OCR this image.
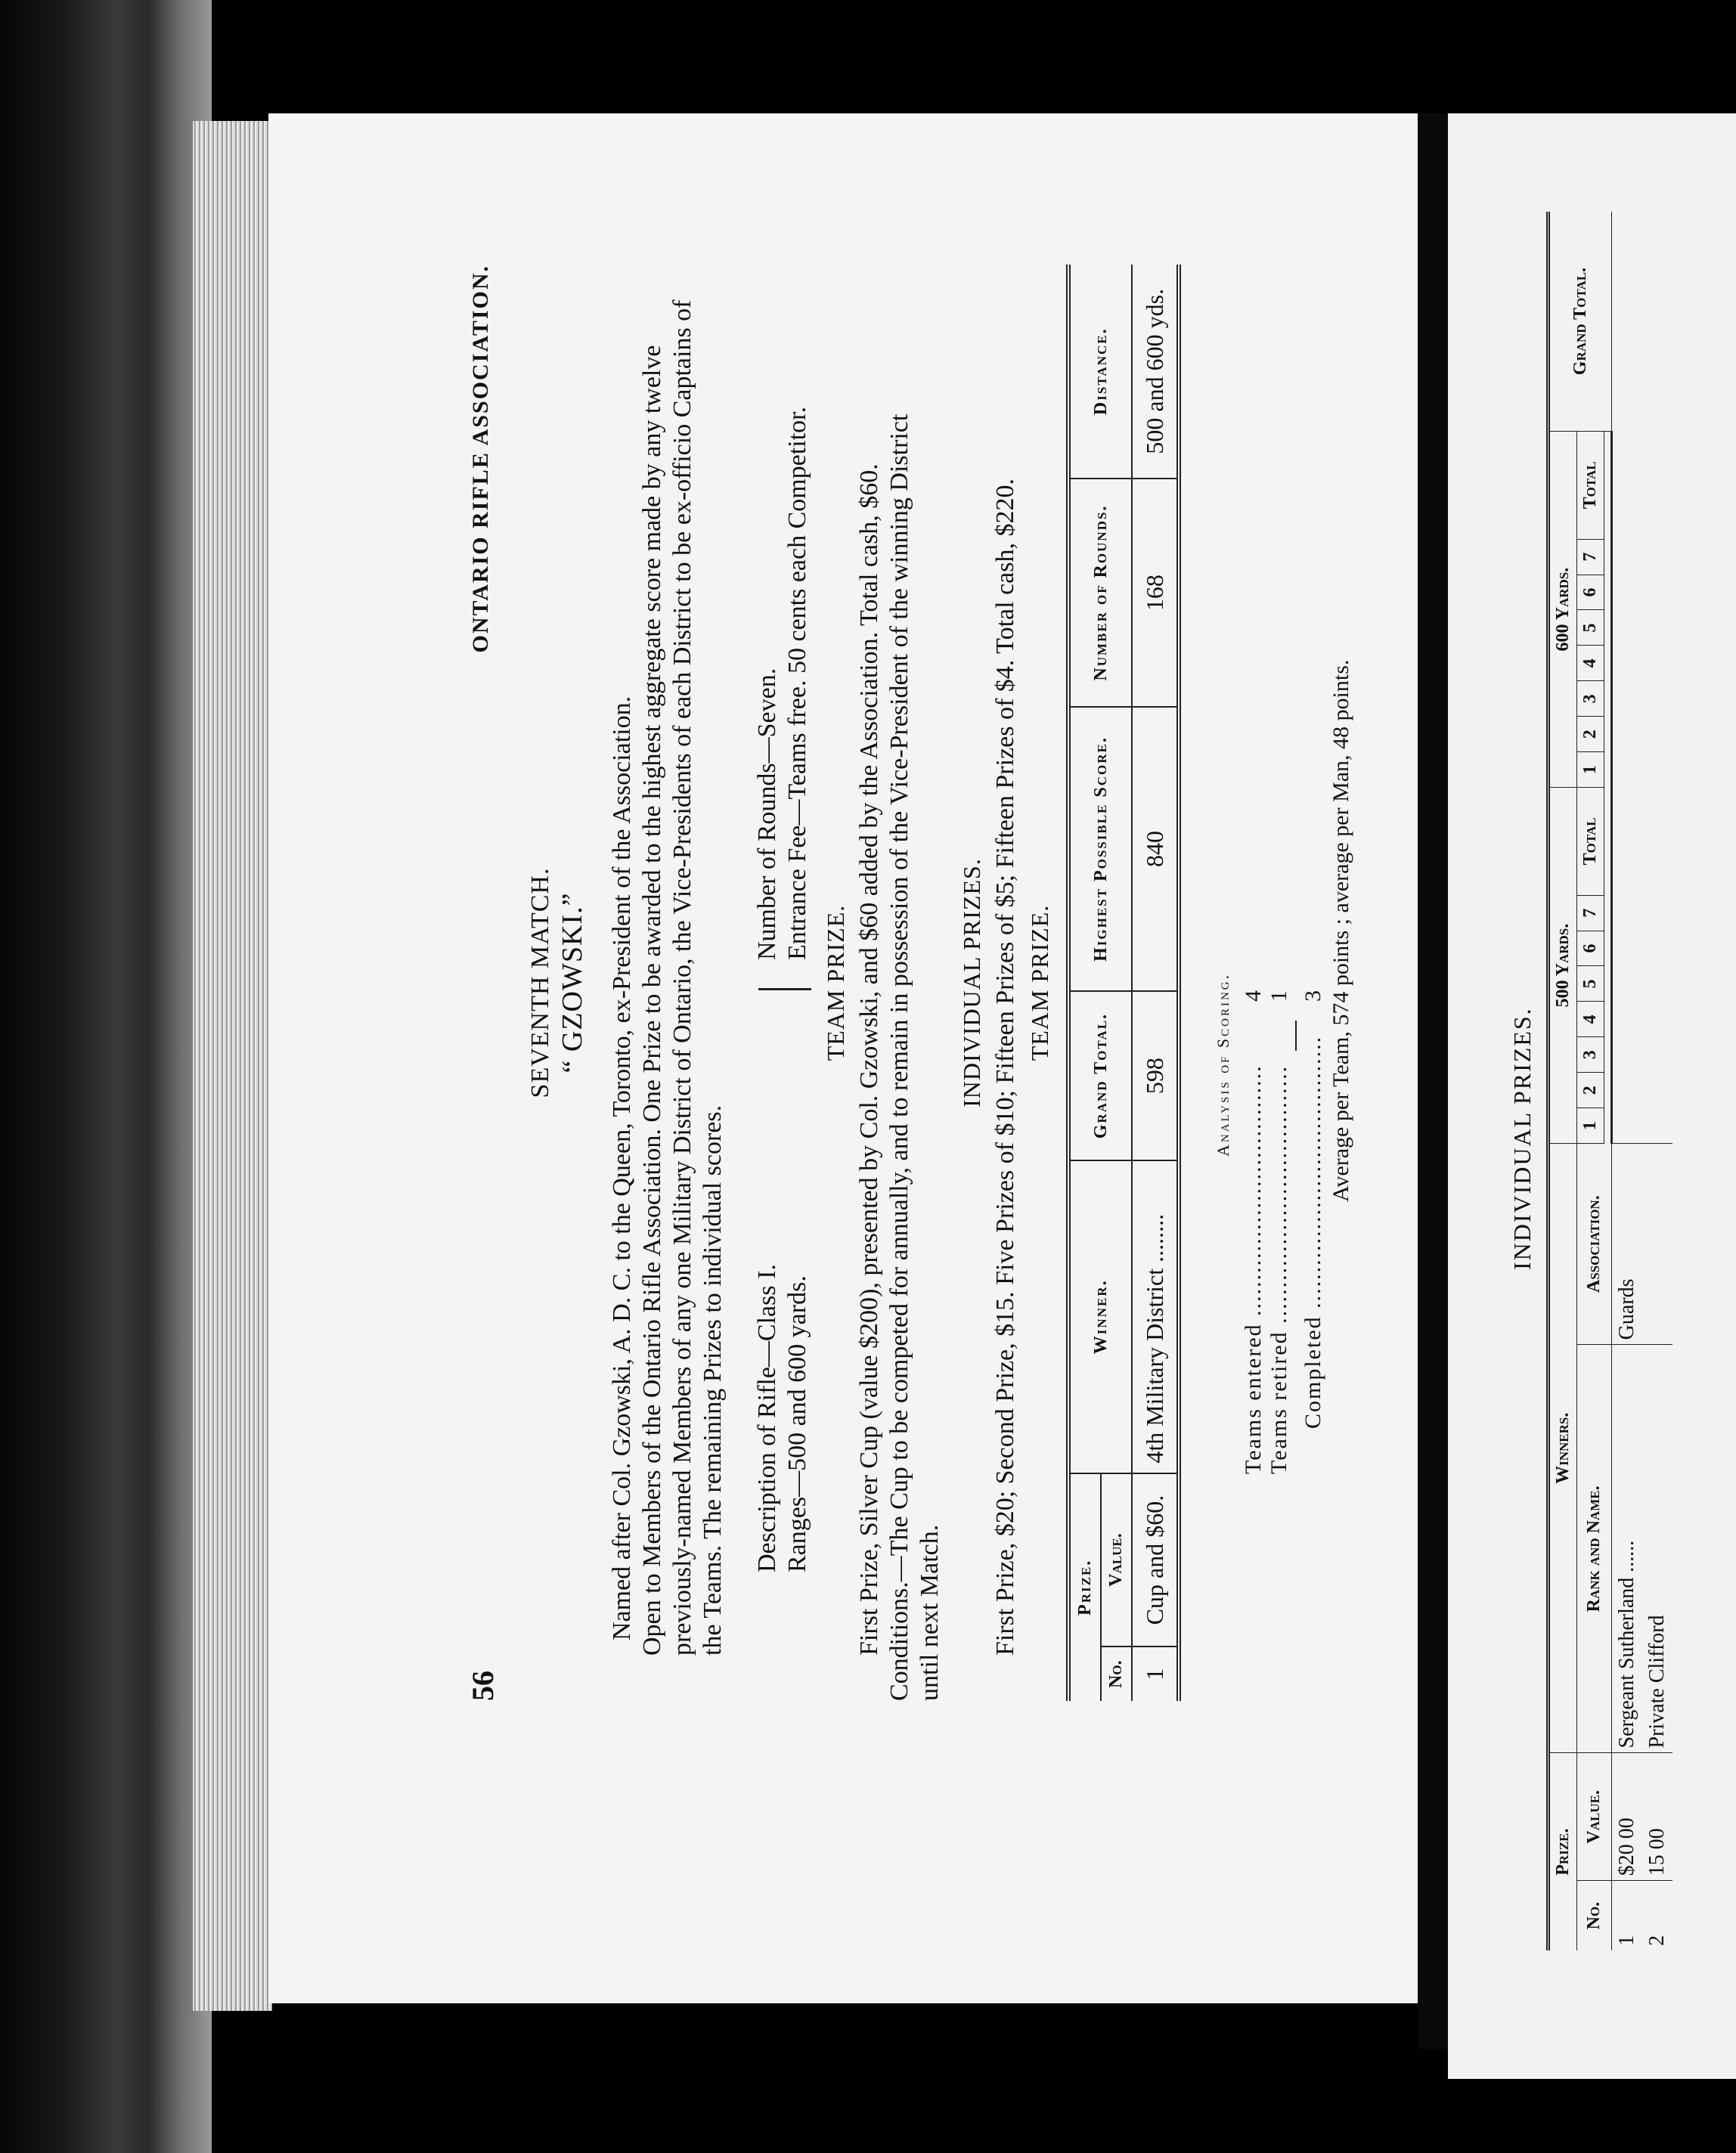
56
ONTARIO RIFLE ASSOCIATION.
SEVENTH MATCH. “ GZOWSKI.” Named after Col. Gzowski, A. D. C. to the Queen, Toronto, ex-President of the Association. Open to Members of the Ontario Rifle Association. One Prize to be awarded to the highest aggregate score made by any twelve previously-named Members of any one Military District of Ontario, the Vice-Presidents of each District to be ex-officio Captains of the Teams. The remaining Prizes to individual scores. Description of Rifle—Class I. Ranges—500 and 600 yards.
Number of Rounds—Seven. Entrance Fee—Teams free. 50 cents each Competitor.
TEAM PRIZE. First Prize, Silver Cup (value $200), presented by Col. Gzowski, and $60 added by the Association. Total cash, $60. Conditions.—The Cup to be competed for annually, and to remain in possession of the Vice-President of the winning District until next Match.
INDIVIDUAL PRIZES. First Prize, $20; Second Prize, $15. Five Prizes of $10; Fifteen Prizes of $5; Fifteen Prizes of $4. Total cash, $220. TEAM PRIZE.
Prize.		Winner.	Grand Total.	Highest Possible Score.	Number of Rounds.	Distance.
No.	Value.					
1	Cup and $60.	4th Military District ........	598	840	168	500 and 600 yds.
Analysis of Scoring. Teams entered ...................................4
Teams retired ....................................1
Completed ......................................3 Average per Team, 574 points ; average per Man, 48 points.	INDIVIDUAL PRIZES.
Prize.		Winners.		500 Yards.								600 Yards.								Grand Total.
No.	Value.	Rank and Name.	Association.	1	2	3	4	5	6	7	Total	1	2	3	4	5	6	7	Total	

1	$20 00	Sergeant Sutherland ......	Guards																	
2	15 00	Private Clifford																		
